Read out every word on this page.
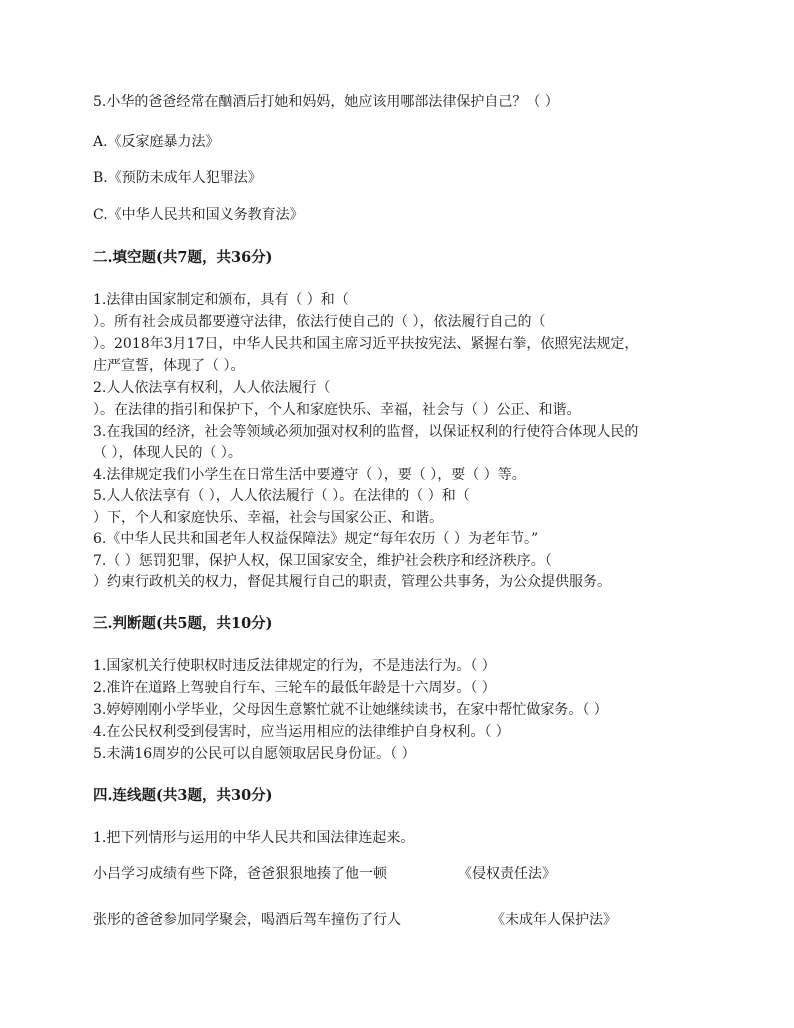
5.小华的爸爸经常在酗酒后打她和妈妈，她应该用哪部法律保护自己？（ ）
A.《反家庭暴力法》
B.《预防未成年人犯罪法》
C.《中华人民共和国义务教育法》
二.填空题(共7题，共36分)
1.法律由国家制定和颁布，具有（ ）和（
）。所有社会成员都要遵守法律，依法行使自己的（ ），依法履行自己的（
）。2018年3月17日，中华人民共和国主席习近平扶按宪法、紧握右拳，依照宪法规定，
庄严宣誓，体现了（ ）。
2.人人依法享有权利，人人依法履行（
）。在法律的指引和保护下，个人和家庭快乐、幸福，社会与（ ）公正、和谐。
3.在我国的经济，社会等领域必须加强对权利的监督，以保证权利的行使符合体现人民的
（ ），体现人民的（ ）。
4.法律规定我们小学生在日常生活中要遵守（ ），要（ ），要（ ）等。
5.人人依法享有（ ），人人依法履行（ ）。在法律的（ ）和（
）下，个人和家庭快乐、幸福，社会与国家公正、和谐。
6.《中华人民共和国老年人权益保障法》规定“每年农历（ ）为老年节。”
7.（ ）惩罚犯罪，保护人权，保卫国家安全，维护社会秩序和经济秩序。（
）约束行政机关的权力，督促其履行自己的职责，管理公共事务，为公众提供服务。
三.判断题(共5题，共10分)
1.国家机关行使职权时违反法律规定的行为，不是违法行为。（ ）
2.准许在道路上驾驶自行车、三轮车的最低年龄是十六周岁。（ ）
3.婷婷刚刚小学毕业，父母因生意繁忙就不让她继续读书，在家中帮忙做家务。（ ）
4.在公民权利受到侵害时，应当运用相应的法律维护自身权利。（ ）
5.未满16周岁的公民可以自愿领取居民身份证。（ ）
四.连线题(共3题，共30分)
1.把下列情形与运用的中华人民共和国法律连起来。
小吕学习成绩有些下降，爸爸狠狠地揍了他一顿	《侵权责任法》
张彤的爸爸参加同学聚会，喝酒后驾车撞伤了行人	《未成年人保护法》
